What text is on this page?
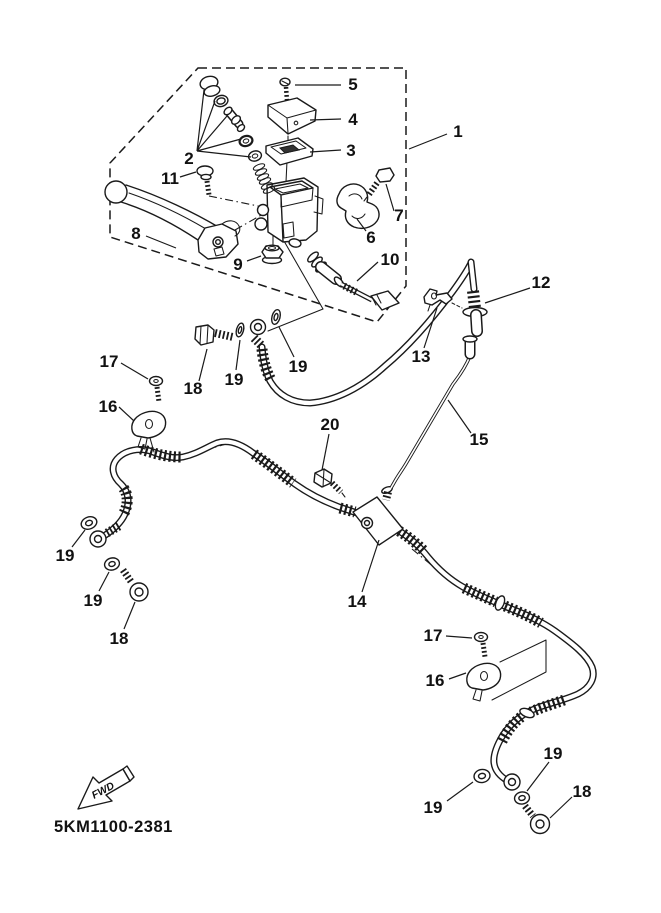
FWD
5KM1100-2381
1
2	3
4
5
6
7
8
9	10
11
12
13
14
15
16
17
18 19
19
20
17
16
19
19
18
19
19
18
